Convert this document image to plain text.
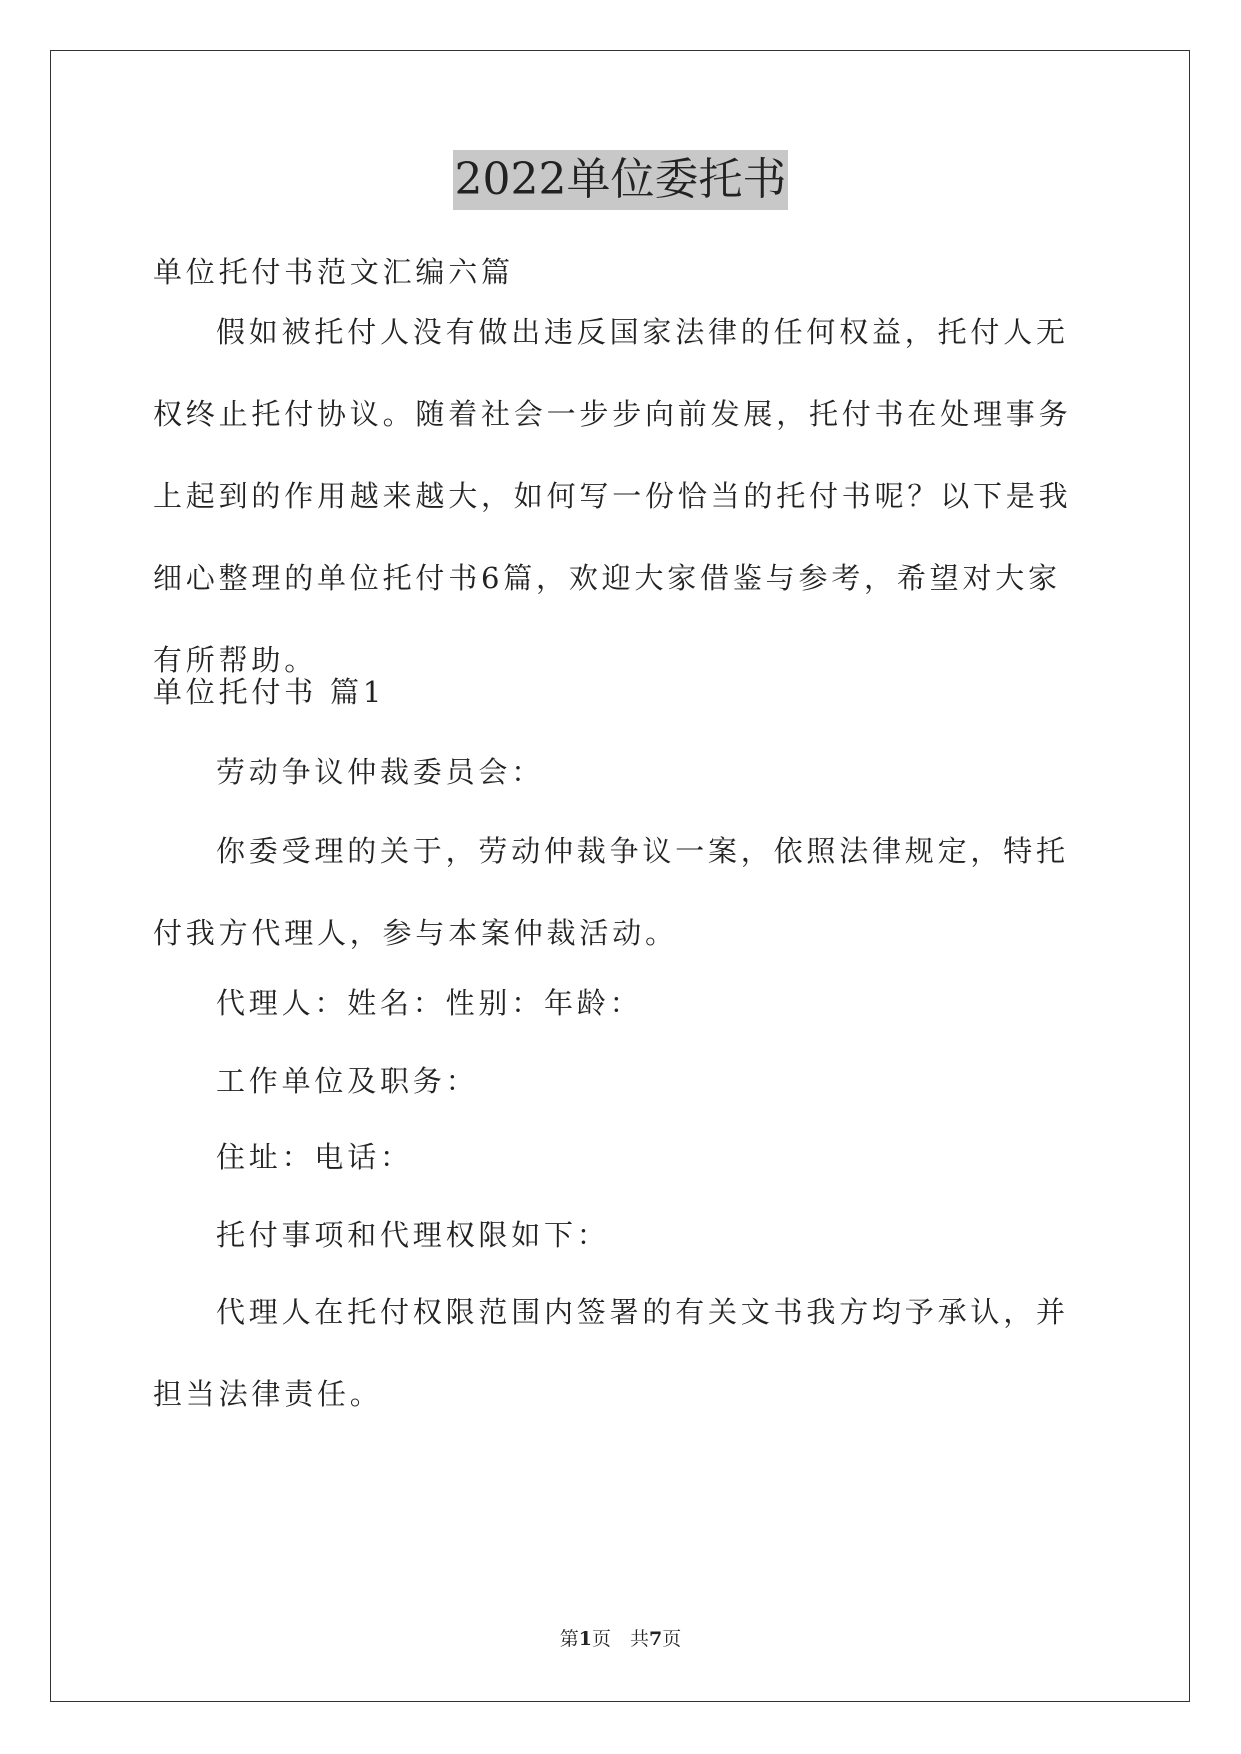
2022单位委托书

单位托付书范文汇编六篇

假如被托付人没有做出违反国家法律的任何权益，托付人无权终止托付协议。随着社会一步步向前发展，托付书在处理事务上起到的作用越来越大，如何写一份恰当的托付书呢？以下是我细心整理的单位托付书6篇，欢迎大家借鉴与参考，希望对大家有所帮助。

单位托付书 篇1

劳动争议仲裁委员会：

你委受理的关于，劳动仲裁争议一案，依照法律规定，特托付我方代理人，参与本案仲裁活动。

代理人：姓名：性别：年龄：

工作单位及职务：

住址：电话：

托付事项和代理权限如下：

代理人在托付权限范围内签署的有关文书我方均予承认，并担当法律责任。

第1页　共7页
